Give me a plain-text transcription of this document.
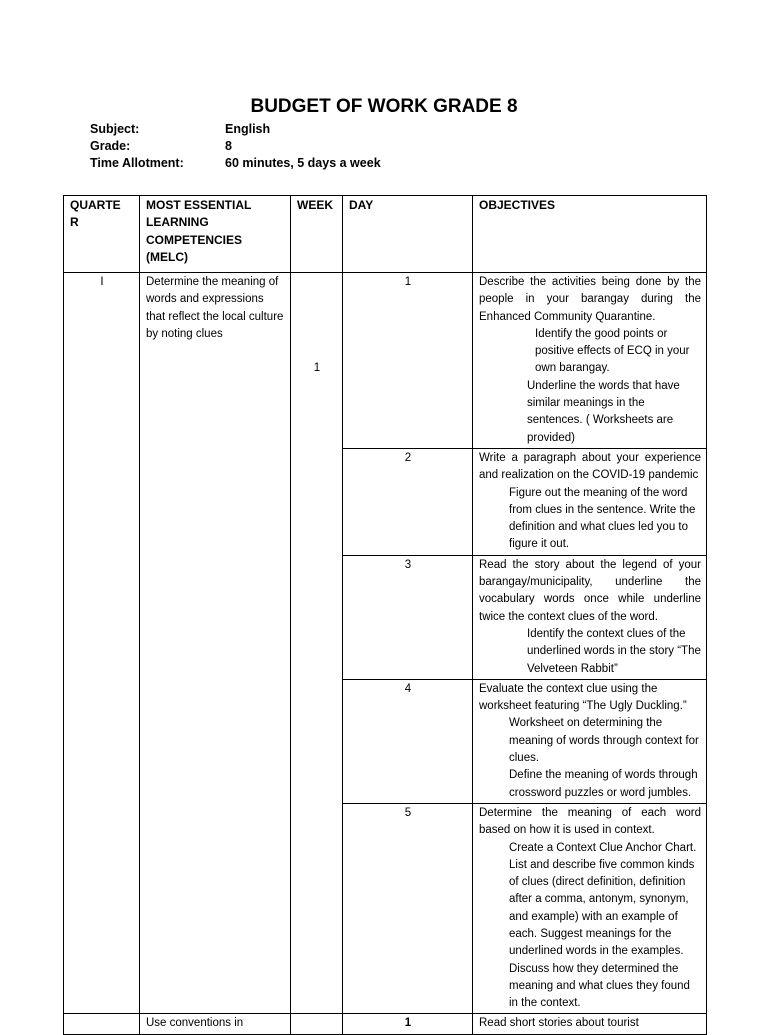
BUDGET OF WORK GRADE 8
Subject:	English
Grade:	8
Time Allotment:	60 minutes, 5 days a week
QUARTE R	MOST ESSENTIAL LEARNING COMPETENCIES (MELC)	WEEK	DAY	OBJECTIVES
I	Determine the meaning of words and expressions that reflect the local culture by noting clues	1	1	Describe the activities being done by the people in your barangay during the Enhanced Community Quarantine.
Identify the good points or positive effects of ECQ in your own barangay.
Underline the words that have similar meanings in the sentences. ( Worksheets are provided)

			2	Write a paragraph about your experience and realization on the COVID-19 pandemic
Figure out the meaning of the word from clues in the sentence. Write the definition and what clues led you to figure it out.

			3	Read the story about the legend of your barangay/municipality, underline the vocabulary words once while underline twice the context clues of the word.
Identify the context clues of the underlined words in the story “The Velveteen Rabbit”

			4	Evaluate the context clue using the worksheet featuring “The Ugly Duckling.”
Worksheet on determining the meaning of words through context for clues.
Define the meaning of words through crossword puzzles or word jumbles.

			5	Determine the meaning of each word based on how it is used in context.
Create a Context Clue Anchor Chart. List and describe five common kinds of clues (direct definition, definition after a comma, antonym, synonym, and example) with an example of each. Suggest meanings for the underlined words in the examples. Discuss how they determined the meaning and what clues they found in the context.

	Use conventions in		1	Read short stories about tourist
